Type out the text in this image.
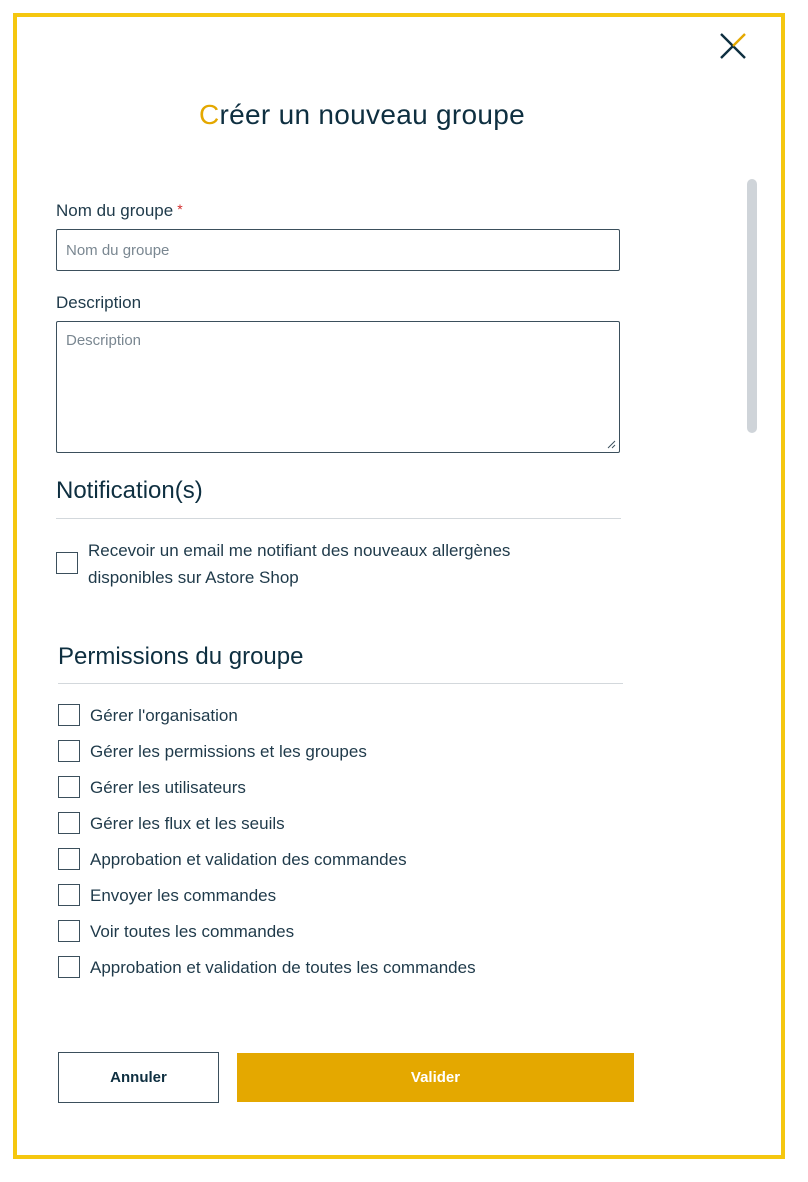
Créer un nouveau groupe
Nom du groupe *
Nom du groupe
Description
Description
Notification(s)
Recevoir un email me notifiant des nouveaux allergènes
disponibles sur Astore Shop
Permissions du groupe
Gérer l'organisation
Gérer les permissions et les groupes
Gérer les utilisateurs
Gérer les flux et les seuils
Approbation et validation des commandes
Envoyer les commandes
Voir toutes les commandes
Approbation et validation de toutes les commandes
Annuler	Valider
